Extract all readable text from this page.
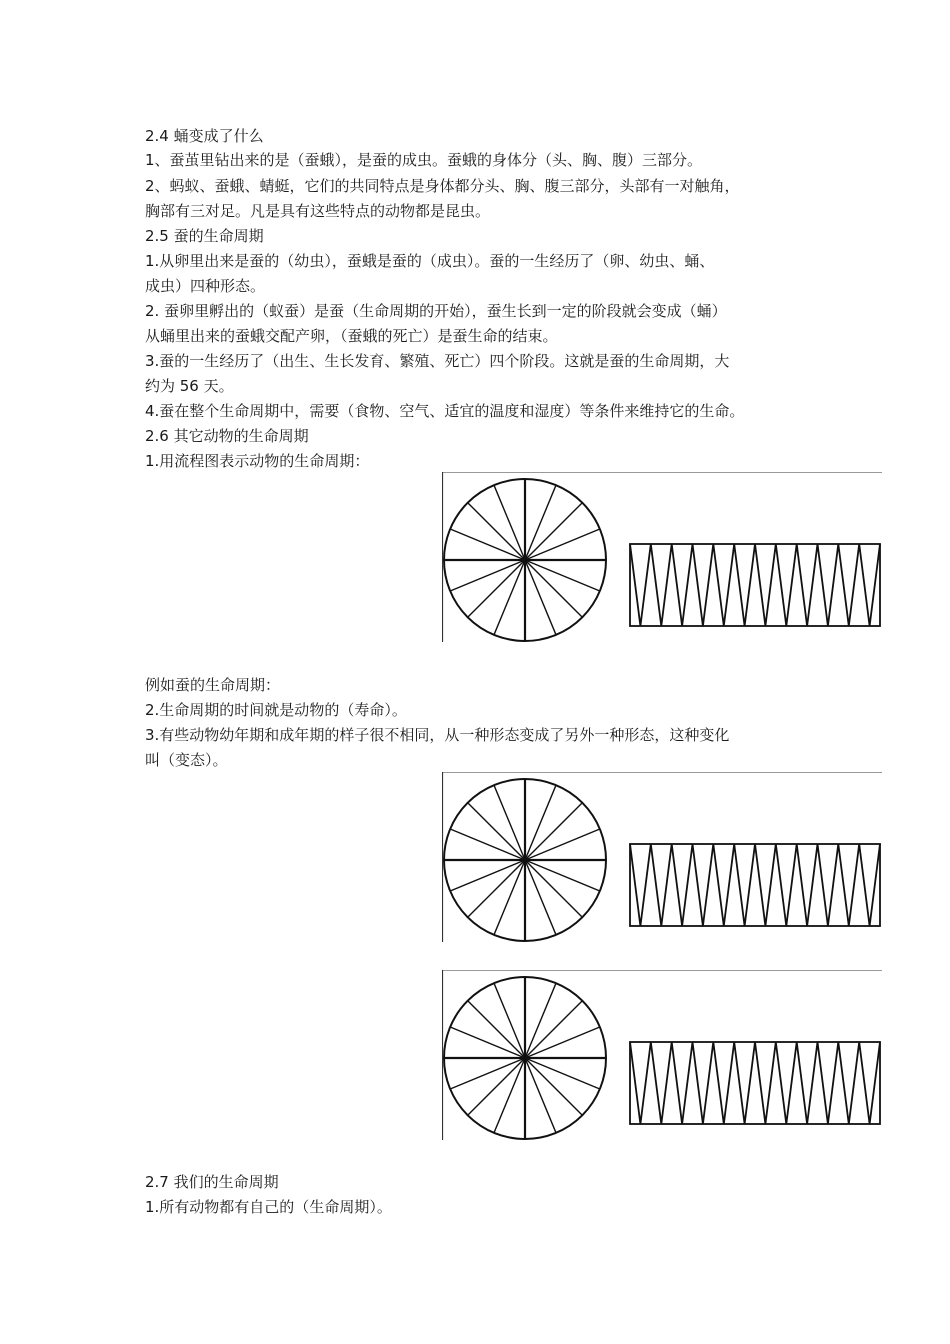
2.4 蛹变成了什么
1、蚕茧里钻出来的是（蚕蛾），是蚕的成虫。蚕蛾的身体分（头、胸、腹）三部分。
2、蚂蚁、蚕蛾、蜻蜓，它们的共同特点是身体都分头、胸、腹三部分，头部有一对触角，
胸部有三对足。凡是具有这些特点的动物都是昆虫。
2.5 蚕的生命周期
1.从卵里出来是蚕的（幼虫），蚕蛾是蚕的（成虫）。蚕的一生经历了（卵、幼虫、蛹、
成虫）四种形态。
2. 蚕卵里孵出的（蚁蚕）是蚕（生命周期的开始），蚕生长到一定的阶段就会变成（蛹）
从蛹里出来的蚕蛾交配产卵，（蚕蛾的死亡）是蚕生命的结束。
3.蚕的一生经历了（出生、生长发育、繁殖、死亡）四个阶段。这就是蚕的生命周期，大
约为 56 天。
4.蚕在整个生命周期中，需要（食物、空气、适宜的温度和湿度）等条件来维持它的生命。
2.6 其它动物的生命周期
1.用流程图表示动物的生命周期：
例如蚕的生命周期：
2.生命周期的时间就是动物的（寿命）。
3.有些动物幼年期和成年期的样子很不相同，从一种形态变成了另外一种形态，这种变化
叫（变态）。
2.7 我们的生命周期
1.所有动物都有自己的（生命周期）。
